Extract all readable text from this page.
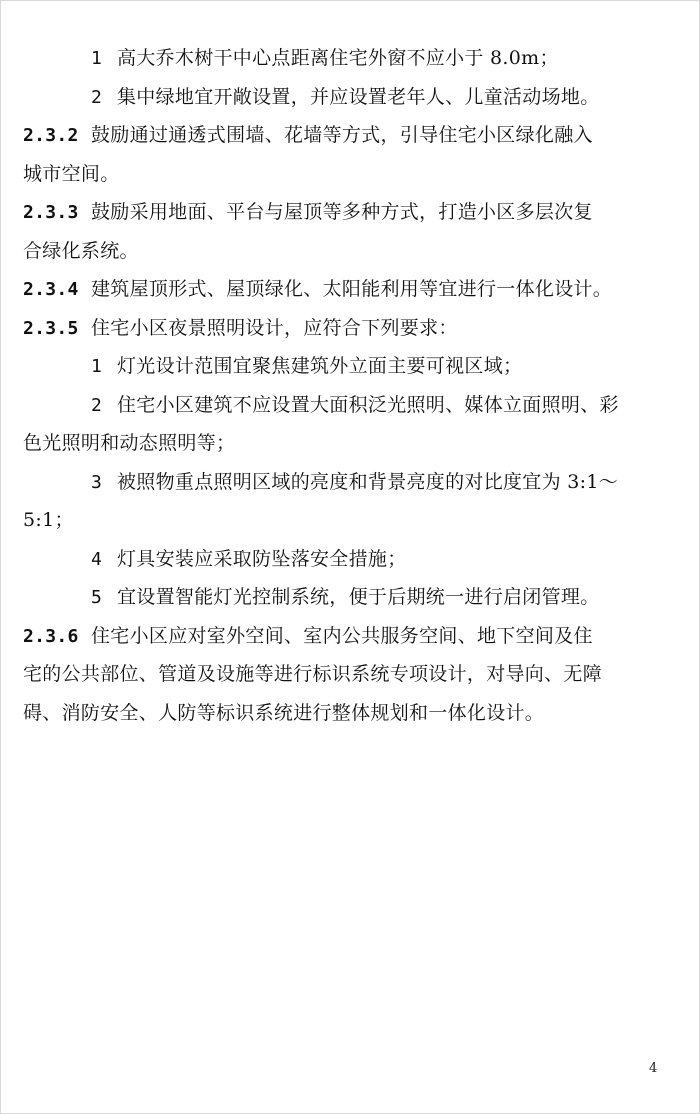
1 高大乔木树干中心点距离住宅外窗不应小于 8.0m；
2 集中绿地宜开敞设置，并应设置老年人、儿童活动场地。
2.3.2 鼓励通过通透式围墙、花墙等方式，引导住宅小区绿化融入
城市空间。
2.3.3 鼓励采用地面、平台与屋顶等多种方式，打造小区多层次复
合绿化系统。
2.3.4 建筑屋顶形式、屋顶绿化、太阳能利用等宜进行一体化设计。
2.3.5 住宅小区夜景照明设计，应符合下列要求：
1 灯光设计范围宜聚焦建筑外立面主要可视区域；
2 住宅小区建筑不应设置大面积泛光照明、媒体立面照明、彩
色光照明和动态照明等；
3 被照物重点照明区域的亮度和背景亮度的对比度宜为 3:1～
5:1；
4 灯具安装应采取防坠落安全措施；
5 宜设置智能灯光控制系统，便于后期统一进行启闭管理。
2.3.6 住宅小区应对室外空间、室内公共服务空间、地下空间及住
宅的公共部位、管道及设施等进行标识系统专项设计，对导向、无障
碍、消防安全、人防等标识系统进行整体规划和一体化设计。
4
